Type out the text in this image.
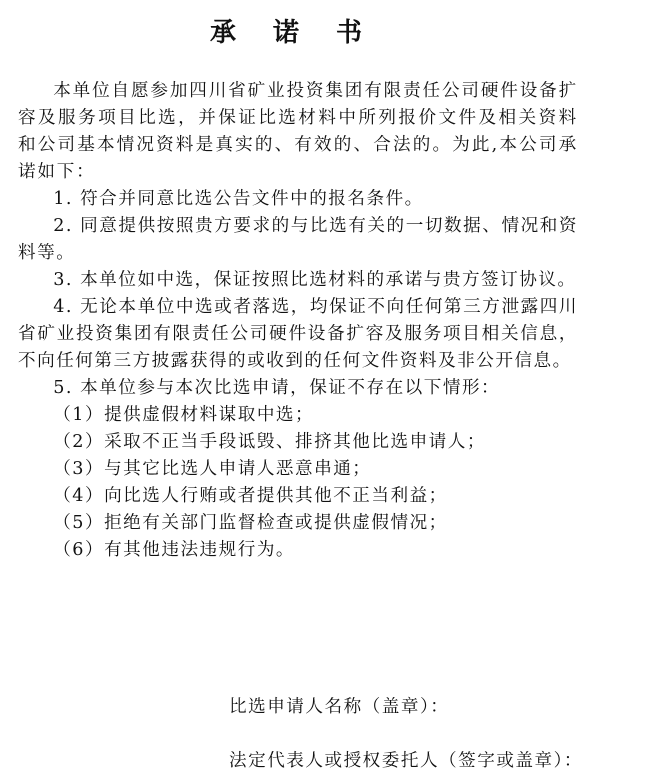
承 诺 书

本单位自愿参加四川省矿业投资集团有限责任公司硬件设备扩容及服务项目比选，并保证比选材料中所列报价文件及相关资料和公司基本情况资料是真实的、有效的、合法的。为此,本公司承诺如下：

1. 符合并同意比选公告文件中的报名条件。

2. 同意提供按照贵方要求的与比选有关的一切数据、情况和资料等。

3. 本单位如中选，保证按照比选材料的承诺与贵方签订协议。

4. 无论本单位中选或者落选，均保证不向任何第三方泄露四川省矿业投资集团有限责任公司硬件设备扩容及服务项目相关信息，不向任何第三方披露获得的或收到的任何文件资料及非公开信息。

5. 本单位参与本次比选申请，保证不存在以下情形：

（1）提供虚假材料谋取中选；

（2）采取不正当手段诋毁、排挤其他比选申请人；

（3）与其它比选人申请人恶意串通；

（4）向比选人行贿或者提供其他不正当利益；

（5）拒绝有关部门监督检查或提供虚假情况；

（6）有其他违法违规行为。

比选申请人名称（盖章）：
法定代表人或授权委托人（签字或盖章）：
